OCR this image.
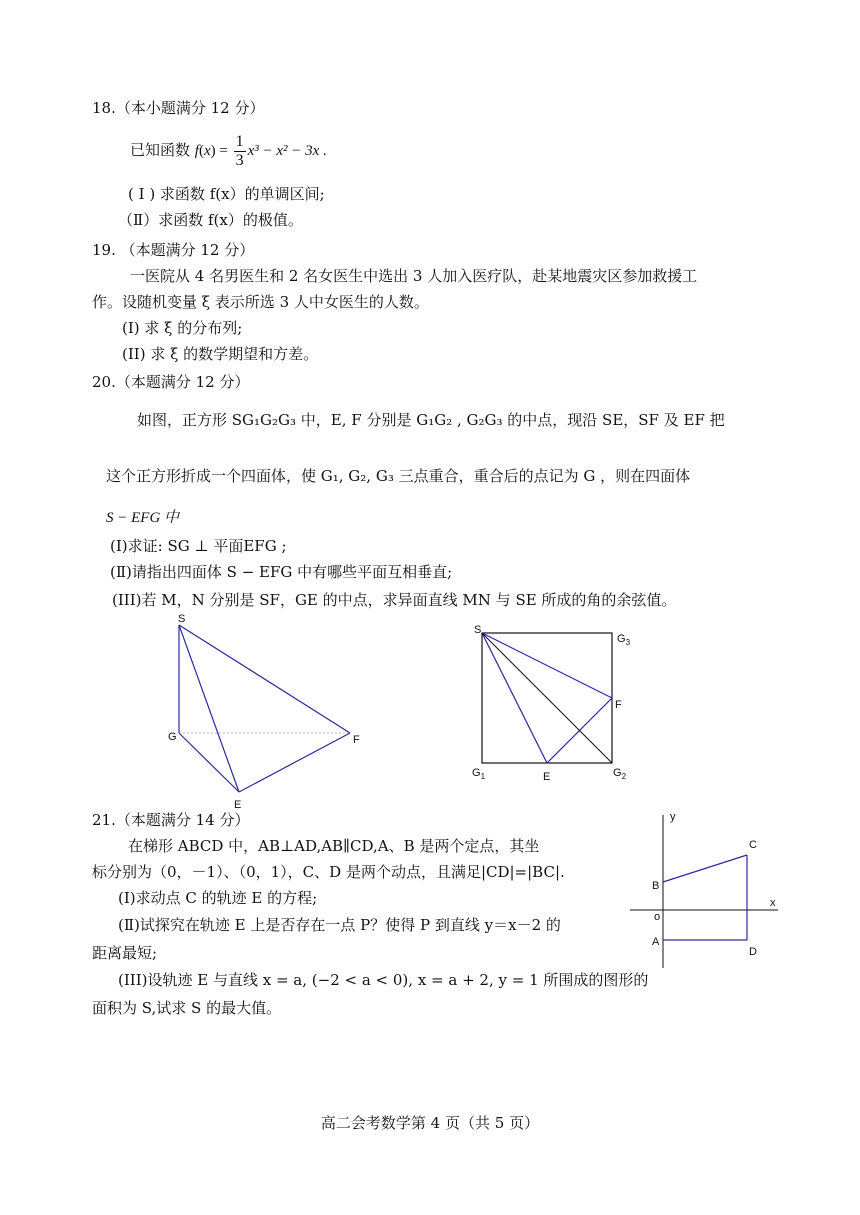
18.（本小题满分 12 分）
已知函数 $f(x) = \frac{1}{3} x^3 - x^2 - 3x$ .
( Ⅰ ) 求函数 f(x）的单调区间;
（Ⅱ）求函数 f(x）的极值。
19. （本题满分 12 分）
一医院从 4 名男医生和 2 名女医生中选出 3 人加入医疗队，赴某地震灾区参加救援工
作。设随机变量 ξ 表示所选 3 人中女医生的人数。
(I) 求 ξ 的分布列;
(II) 求 ξ 的数学期望和方差。
20.（本题满分 12 分）
如图，正方形 SG₁G₂G₃ 中，E, F 分别是 G₁G₂ , G₂G₃ 的中点，现沿 SE，SF 及 EF 把
这个正方形折成一个四面体，使 G₁, G₂, G₃ 三点重合，重合后的点记为 G ，则在四面体
S − EFG 中
(Ⅰ)求证: SG ⊥ 平面EFG ;
(Ⅱ)请指出四面体 S − EFG 中有哪些平面互相垂直;
(III)若 M，N 分别是 SF，GE 的中点，求异面直线 MN 与 SE 所成的角的余弦值。
S
G	F
E
S
$G_3$
F
$G_1$	E	$G_2$
21.（本题满分 14 分）
在梯形 ABCD 中，AB⊥AD,AB∥CD,A、B 是两个定点，其坐
标分别为（0，－1）、（0，1），C、D 是两个动点，且满足|CD|=|BC|.
(Ⅰ)求动点 C 的轨迹 E 的方程;
(Ⅱ)试探究在轨迹 E 上是否存在一点 P？使得 P 到直线 y＝x－2 的
距离最短;
(III)设轨迹 E 与直线 x = a, (−2 < a < 0), x = a + 2, y = 1 所围成的图形的
面积为 S,试求 S 的最大值。
y
x
o
B
C
A
D
高二会考数学第 4 页（共 5 页）
